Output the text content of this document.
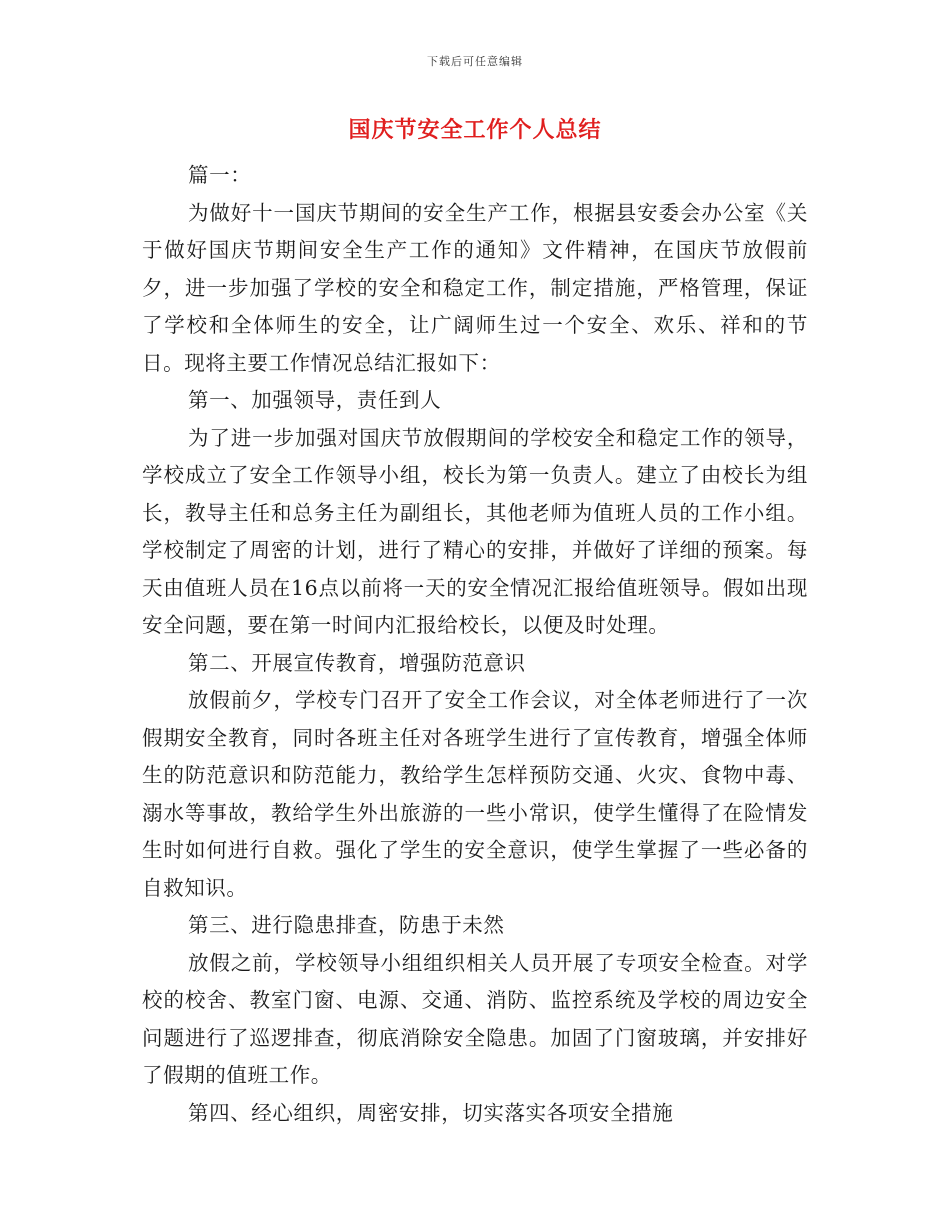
下载后可任意编辑
国庆节安全工作个人总结

篇一：

为做好十一国庆节期间的安全生产工作，根据县安委会办公室《关于做好国庆节期间安全生产工作的通知》文件精神，在国庆节放假前夕，进一步加强了学校的安全和稳定工作，制定措施，严格管理，保证了学校和全体师生的安全，让广阔师生过一个安全、欢乐、祥和的节日。现将主要工作情况总结汇报如下：

第一、加强领导，责任到人

为了进一步加强对国庆节放假期间的学校安全和稳定工作的领导，学校成立了安全工作领导小组，校长为第一负责人。建立了由校长为组长，教导主任和总务主任为副组长，其他老师为值班人员的工作小组。学校制定了周密的计划，进行了精心的安排，并做好了详细的预案。每天由值班人员在16点以前将一天的安全情况汇报给值班领导。假如出现安全问题，要在第一时间内汇报给校长，以便及时处理。

第二、开展宣传教育，增强防范意识

放假前夕，学校专门召开了安全工作会议，对全体老师进行了一次假期安全教育，同时各班主任对各班学生进行了宣传教育，增强全体师生的防范意识和防范能力，教给学生怎样预防交通、火灾、食物中毒、溺水等事故，教给学生外出旅游的一些小常识，使学生懂得了在险情发生时如何进行自救。强化了学生的安全意识，使学生掌握了一些必备的自救知识。

第三、进行隐患排查，防患于未然

放假之前，学校领导小组组织相关人员开展了专项安全检查。对学校的校舍、教室门窗、电源、交通、消防、监控系统及学校的周边安全问题进行了巡逻排查，彻底消除安全隐患。加固了门窗玻璃，并安排好了假期的值班工作。

第四、经心组织，周密安排，切实落实各项安全措施
